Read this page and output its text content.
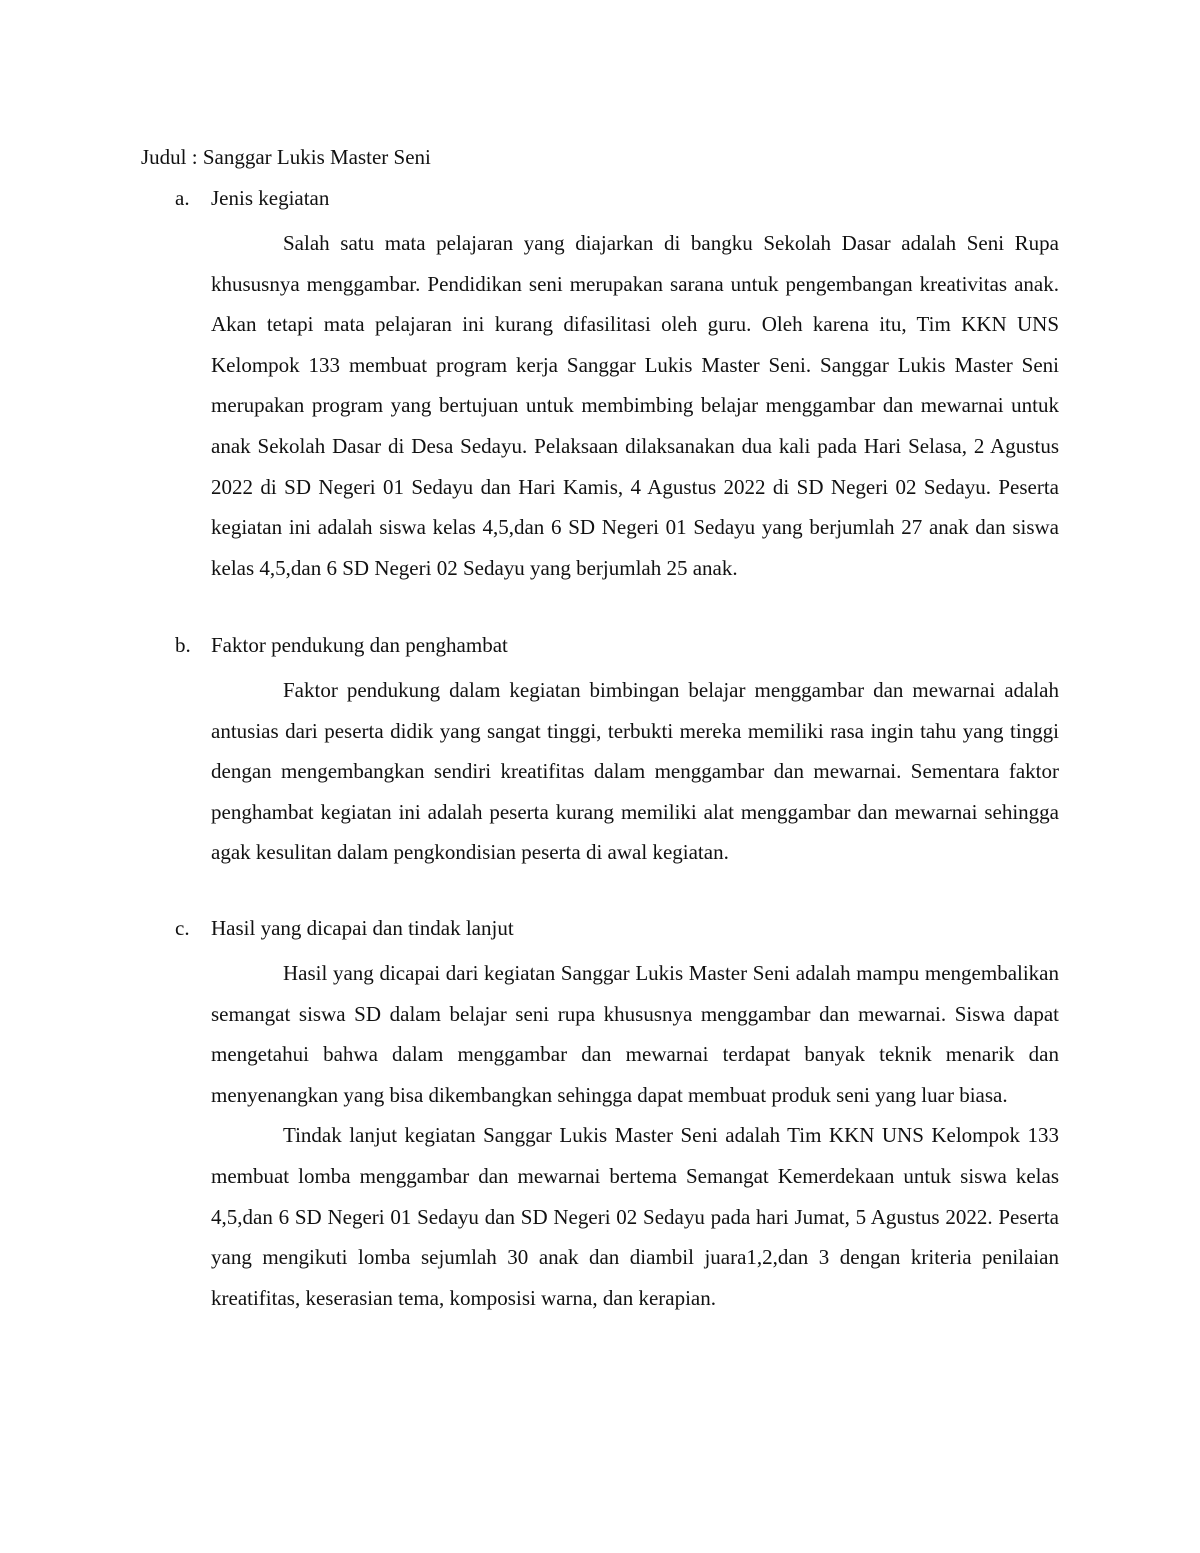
Judul : Sanggar Lukis Master Seni
a. Jenis kegiatan

Salah satu mata pelajaran yang diajarkan di bangku Sekolah Dasar adalah Seni Rupa khususnya menggambar. Pendidikan seni merupakan sarana untuk pengembangan kreativitas anak. Akan tetapi mata pelajaran ini kurang difasilitasi oleh guru. Oleh karena itu, Tim KKN UNS Kelompok 133 membuat program kerja Sanggar Lukis Master Seni. Sanggar Lukis Master Seni merupakan program yang bertujuan untuk membimbing belajar menggambar dan mewarnai untuk anak Sekolah Dasar di Desa Sedayu. Pelaksaan dilaksanakan dua kali pada Hari Selasa, 2 Agustus 2022 di SD Negeri 01 Sedayu dan Hari Kamis, 4 Agustus 2022 di SD Negeri 02 Sedayu. Peserta kegiatan ini adalah siswa kelas 4,5,dan 6 SD Negeri 01 Sedayu yang berjumlah 27 anak dan siswa kelas 4,5,dan 6 SD Negeri 02 Sedayu yang berjumlah 25 anak.

b. Faktor pendukung dan penghambat

Faktor pendukung dalam kegiatan bimbingan belajar menggambar dan mewarnai adalah antusias dari peserta didik yang sangat tinggi, terbukti mereka memiliki rasa ingin tahu yang tinggi dengan mengembangkan sendiri kreatifitas dalam menggambar dan mewarnai. Sementara faktor penghambat kegiatan ini adalah peserta kurang memiliki alat menggambar dan mewarnai sehingga agak kesulitan dalam pengkondisian peserta di awal kegiatan.

c. Hasil yang dicapai dan tindak lanjut

Hasil yang dicapai dari kegiatan Sanggar Lukis Master Seni adalah mampu mengembalikan semangat siswa SD dalam belajar seni rupa khususnya menggambar dan mewarnai. Siswa dapat mengetahui bahwa dalam menggambar dan mewarnai terdapat banyak teknik menarik dan menyenangkan yang bisa dikembangkan sehingga dapat membuat produk seni yang luar biasa.

Tindak lanjut kegiatan Sanggar Lukis Master Seni adalah Tim KKN UNS Kelompok 133 membuat lomba menggambar dan mewarnai bertema Semangat Kemerdekaan untuk siswa kelas 4,5,dan 6 SD Negeri 01 Sedayu dan SD Negeri 02 Sedayu pada hari Jumat, 5 Agustus 2022. Peserta yang mengikuti lomba sejumlah 30 anak dan diambil juara1,2,dan 3 dengan kriteria penilaian kreatifitas, keserasian tema, komposisi warna, dan kerapian.
